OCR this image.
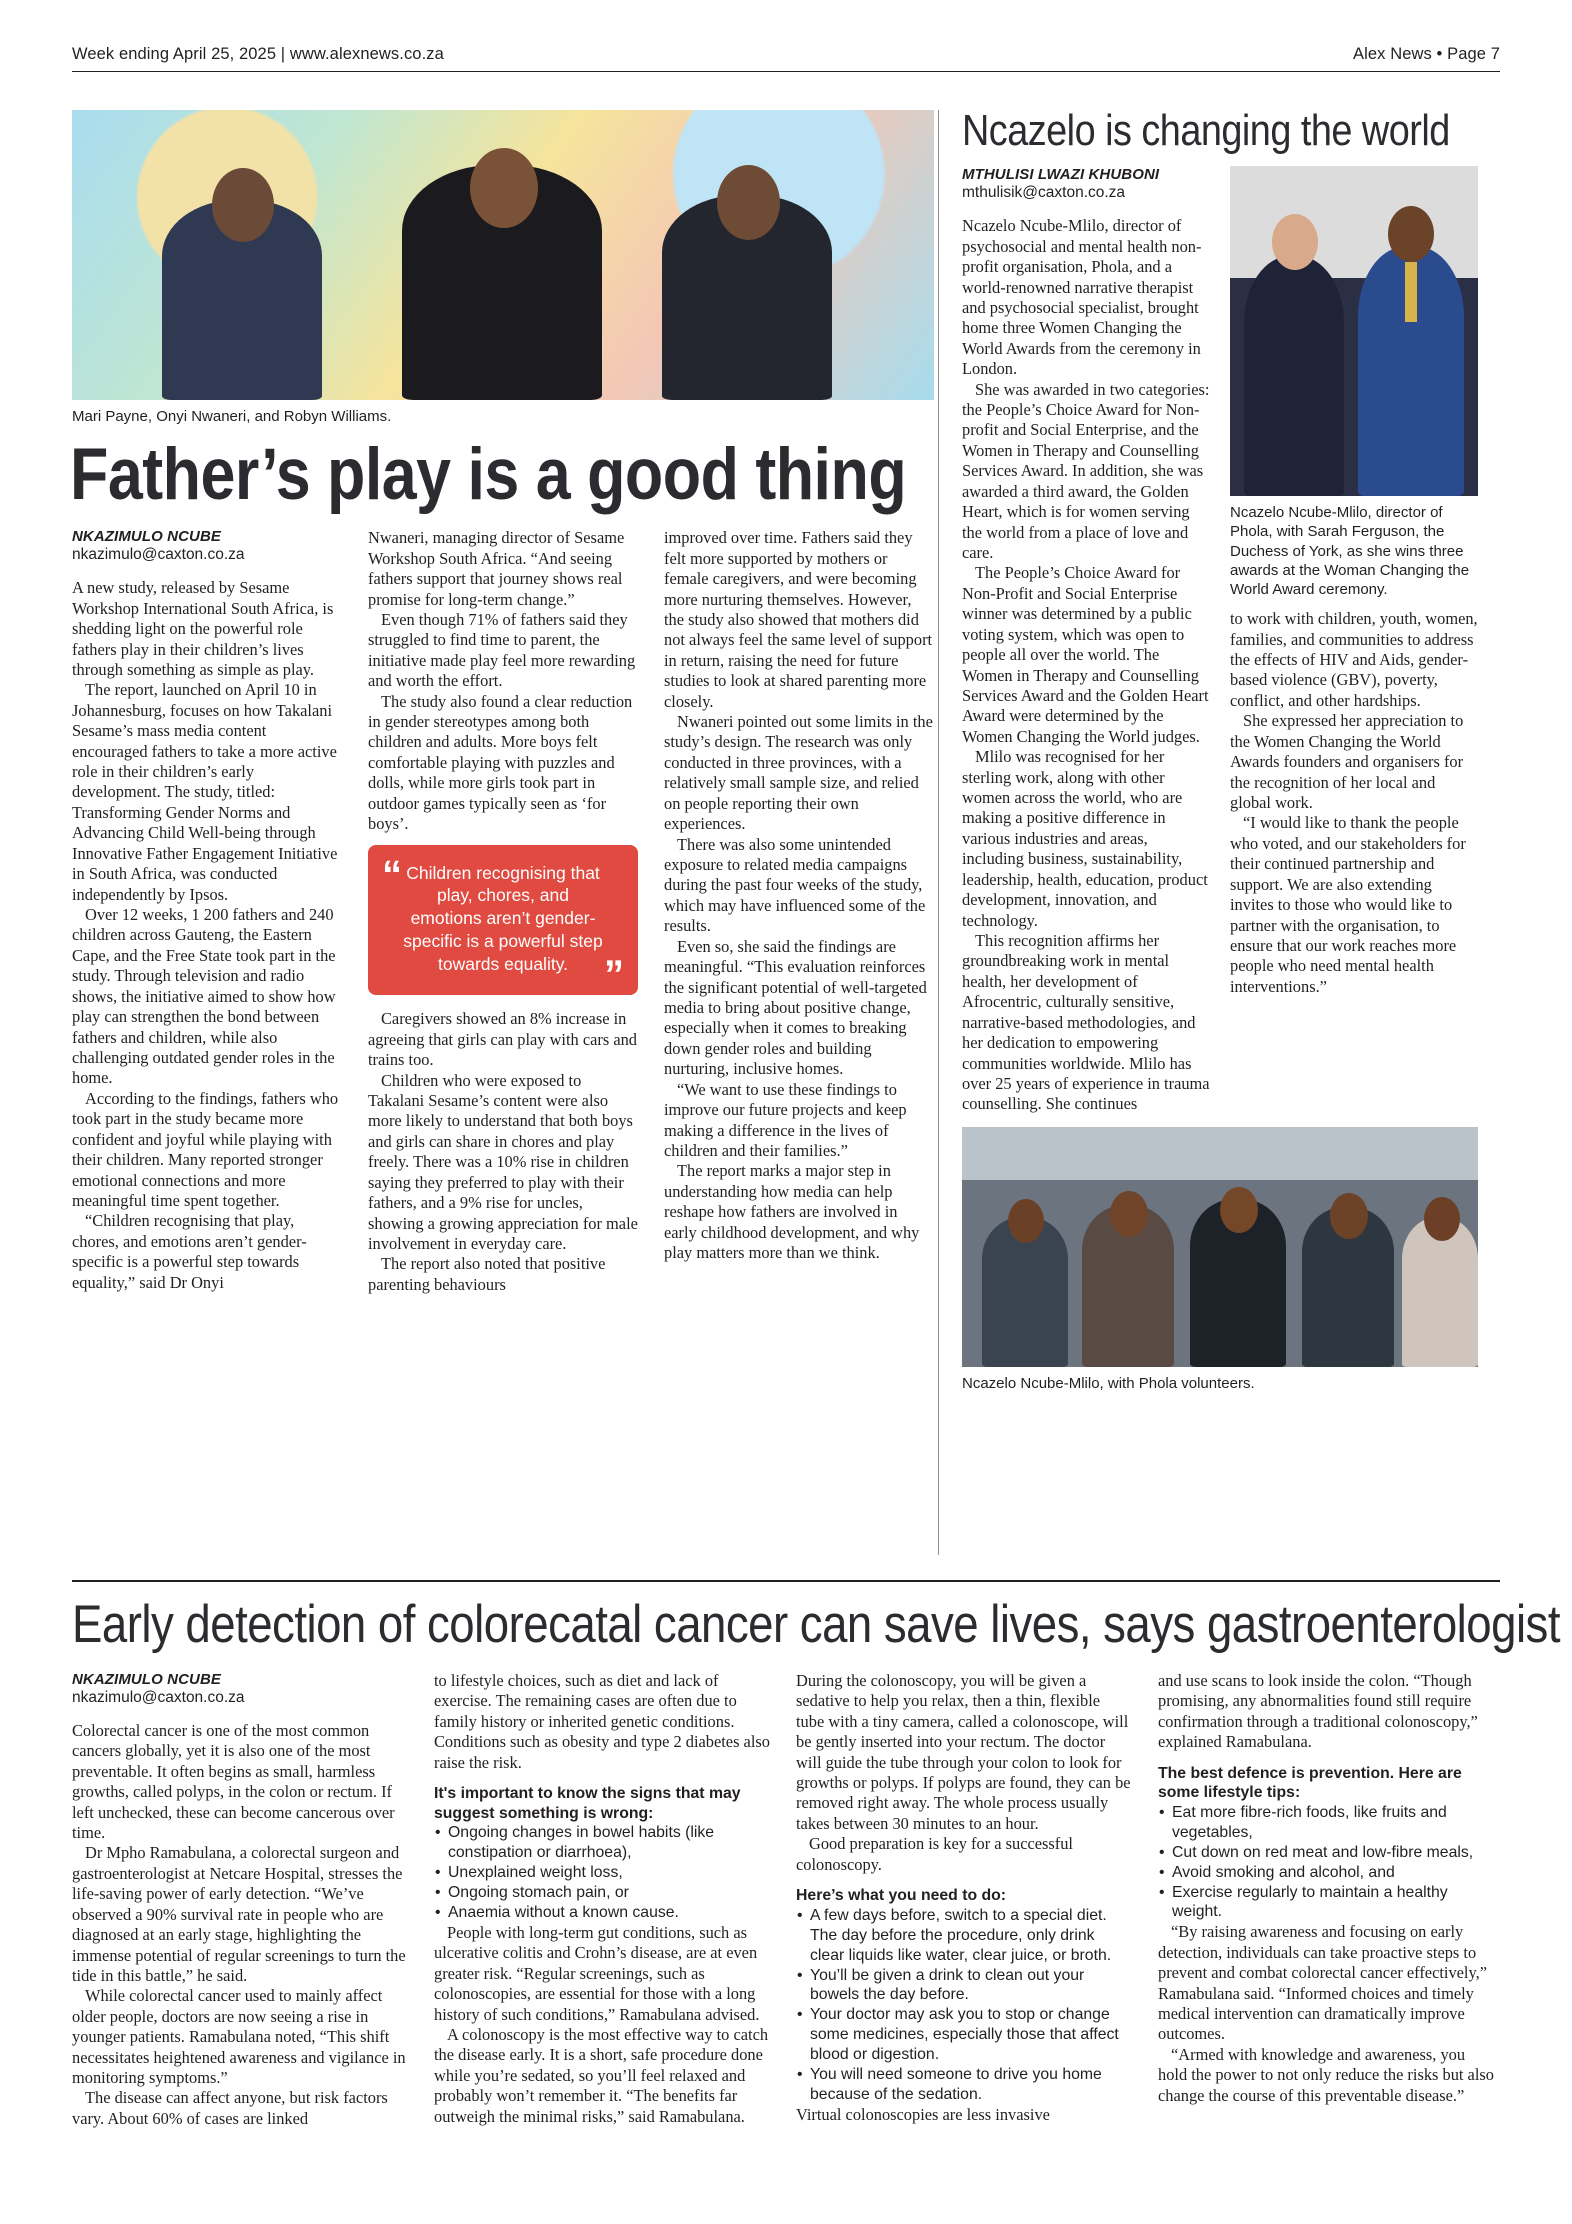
Week ending April 25, 2025 | www.alexnews.co.za	Alex News • Page 7
Mari Payne, Onyi Nwaneri, and Robyn Williams.
Father’s play is a good thing
NKAZIMULO NCUBE
nkazimulo@caxton.co.za

A new study, released by Sesame Workshop International South Africa, is shedding light on the powerful role fathers play in their children’s lives through something as simple as play.

The report, launched on April 10 in Johannesburg, focuses on how Takalani Sesame’s mass media content encouraged fathers to take a more active role in their children’s early development. The study, titled: Transforming Gender Norms and Advancing Child Well-being through Innovative Father Engagement Initiative in South Africa, was conducted independently by Ipsos.

Over 12 weeks, 1 200 fathers and 240 children across Gauteng, the Eastern Cape, and the Free State took part in the study. Through television and radio shows, the initiative aimed to show how play can strengthen the bond between fathers and children, while also challenging outdated gender roles in the home.

According to the findings, fathers who took part in the study became more confident and joyful while playing with their children. Many reported stronger emotional connections and more meaningful time spent together.

“Children recognising that play, chores, and emotions aren’t gender-specific is a powerful step towards equality,” said Dr Onyi

Nwaneri, managing director of Sesame Workshop South Africa. “And seeing fathers support that journey shows real promise for long-term change.”

Even though 71% of fathers said they struggled to find time to parent, the initiative made play feel more rewarding and worth the effort.

The study also found a clear reduction in gender stereotypes among both children and adults. More boys felt comfortable playing with puzzles and dolls, while more girls took part in outdoor games typically seen as ‘for boys’.

“ Children recognising that play, chores, and emotions aren’t gender-specific is a powerful step towards equality. ”

Caregivers showed an 8% increase in agreeing that girls can play with cars and trains too.

Children who were exposed to Takalani Sesame’s content were also more likely to understand that both boys and girls can share in chores and play freely. There was a 10% rise in children saying they preferred to play with their fathers, and a 9% rise for uncles, showing a growing appreciation for male involvement in everyday care.

The report also noted that positive parenting behaviours

improved over time. Fathers said they felt more supported by mothers or female caregivers, and were becoming more nurturing themselves. However, the study also showed that mothers did not always feel the same level of support in return, raising the need for future studies to look at shared parenting more closely.

Nwaneri pointed out some limits in the study’s design. The research was only conducted in three provinces, with a relatively small sample size, and relied on people reporting their own experiences.

There was also some unintended exposure to related media campaigns during the past four weeks of the study, which may have influenced some of the results.

Even so, she said the findings are meaningful. “This evaluation reinforces the significant potential of well-targeted media to bring about positive change, especially when it comes to breaking down gender roles and building nurturing, inclusive homes.

“We want to use these findings to improve our future projects and keep making a difference in the lives of children and their families.”

The report marks a major step in understanding how media can help reshape how fathers are involved in early childhood development, and why play matters more than we think.

Ncazelo is changing the world
MTHULISI LWAZI KHUBONI
mthulisik@caxton.co.za

Ncazelo Ncube-Mlilo, director of psychosocial and mental health non-profit organisation, Phola, and a world-renowned narrative therapist and psychosocial specialist, brought home three Women Changing the World Awards from the ceremony in London.

She was awarded in two categories: the People’s Choice Award for Non-profit and Social Enterprise, and the Women in Therapy and Counselling Services Award. In addition, she was awarded a third award, the Golden Heart, which is for women serving the world from a place of love and care.

The People’s Choice Award for Non-Profit and Social Enterprise winner was determined by a public voting system, which was open to people all over the world. The Women in Therapy and Counselling Services Award and the Golden Heart Award were determined by the Women Changing the World judges.

Mlilo was recognised for her sterling work, along with other women across the world, who are making a positive difference in various industries and areas, including business, sustainability, leadership, health, education, product development, innovation, and technology.

This recognition affirms her groundbreaking work in mental health, her development of Afrocentric, culturally sensitive, narrative-based methodologies, and her dedication to empowering communities worldwide. Mlilo has over 25 years of experience in trauma counselling. She continues

Ncazelo Ncube-Mlilo, director of Phola, with Sarah Ferguson, the Duchess of York, as she wins three awards at the Woman Changing the World Award ceremony.

to work with children, youth, women, families, and communities to address the effects of HIV and Aids, gender-based violence (GBV), poverty, conflict, and other hardships.

She expressed her appreciation to the Women Changing the World Awards founders and organisers for the recognition of her local and global work.

“I would like to thank the people who voted, and our stakeholders for their continued partnership and support. We are also extending invites to those who would like to partner with the organisation, to ensure that our work reaches more people who need mental health interventions.”

Ncazelo Ncube-Mlilo, with Phola volunteers.
Early detection of colorecatal cancer can save lives, says gastroenterologist
NKAZIMULO NCUBE
nkazimulo@caxton.co.za

Colorectal cancer is one of the most common cancers globally, yet it is also one of the most preventable. It often begins as small, harmless growths, called polyps, in the colon or rectum. If left unchecked, these can become cancerous over time.

Dr Mpho Ramabulana, a colorectal surgeon and gastroenterologist at Netcare Hospital, stresses the life-saving power of early detection. “We’ve observed a 90% survival rate in people who are diagnosed at an early stage, highlighting the immense potential of regular screenings to turn the tide in this battle,” he said.

While colorectal cancer used to mainly affect older people, doctors are now seeing a rise in younger patients. Ramabulana noted, “This shift necessitates heightened awareness and vigilance in monitoring symptoms.”

The disease can affect anyone, but risk factors vary. About 60% of cases are linked

to lifestyle choices, such as diet and lack of exercise. The remaining cases are often due to family history or inherited genetic conditions. Conditions such as obesity and type 2 diabetes also raise the risk.

It's important to know the signs that may suggest something is wrong:
• Ongoing changes in bowel habits (like constipation or diarrhoea),
• Unexplained weight loss,
• Ongoing stomach pain, or
• Anaemia without a known cause.

People with long-term gut conditions, such as ulcerative colitis and Crohn’s disease, are at even greater risk. “Regular screenings, such as colonoscopies, are essential for those with a long history of such conditions,” Ramabulana advised.

A colonoscopy is the most effective way to catch the disease early. It is a short, safe procedure done while you’re sedated, so you’ll feel relaxed and probably won’t remember it. “The benefits far outweigh the minimal risks,” said Ramabulana.

During the colonoscopy, you will be given a sedative to help you relax, then a thin, flexible tube with a tiny camera, called a colonoscope, will be gently inserted into your rectum. The doctor will guide the tube through your colon to look for growths or polyps. If polyps are found, they can be removed right away. The whole process usually takes between 30 minutes to an hour.

Good preparation is key for a successful colonoscopy.

Here’s what you need to do:
• A few days before, switch to a special diet. The day before the procedure, only drink clear liquids like water, clear juice, or broth.
• You’ll be given a drink to clean out your bowels the day before.
• Your doctor may ask you to stop or change some medicines, especially those that affect blood or digestion.
• You will need someone to drive you home because of the sedation.

Virtual colonoscopies are less invasive

and use scans to look inside the colon. “Though promising, any abnormalities found still require confirmation through a traditional colonoscopy,” explained Ramabulana.

The best defence is prevention. Here are some lifestyle tips:
• Eat more fibre-rich foods, like fruits and vegetables,
• Cut down on red meat and low-fibre meals,
• Avoid smoking and alcohol, and
• Exercise regularly to maintain a healthy weight.

“By raising awareness and focusing on early detection, individuals can take proactive steps to prevent and combat colorectal cancer effectively,” Ramabulana said. “Informed choices and timely medical intervention can dramatically improve outcomes.

“Armed with knowledge and awareness, you hold the power to not only reduce the risks but also change the course of this preventable disease.”
